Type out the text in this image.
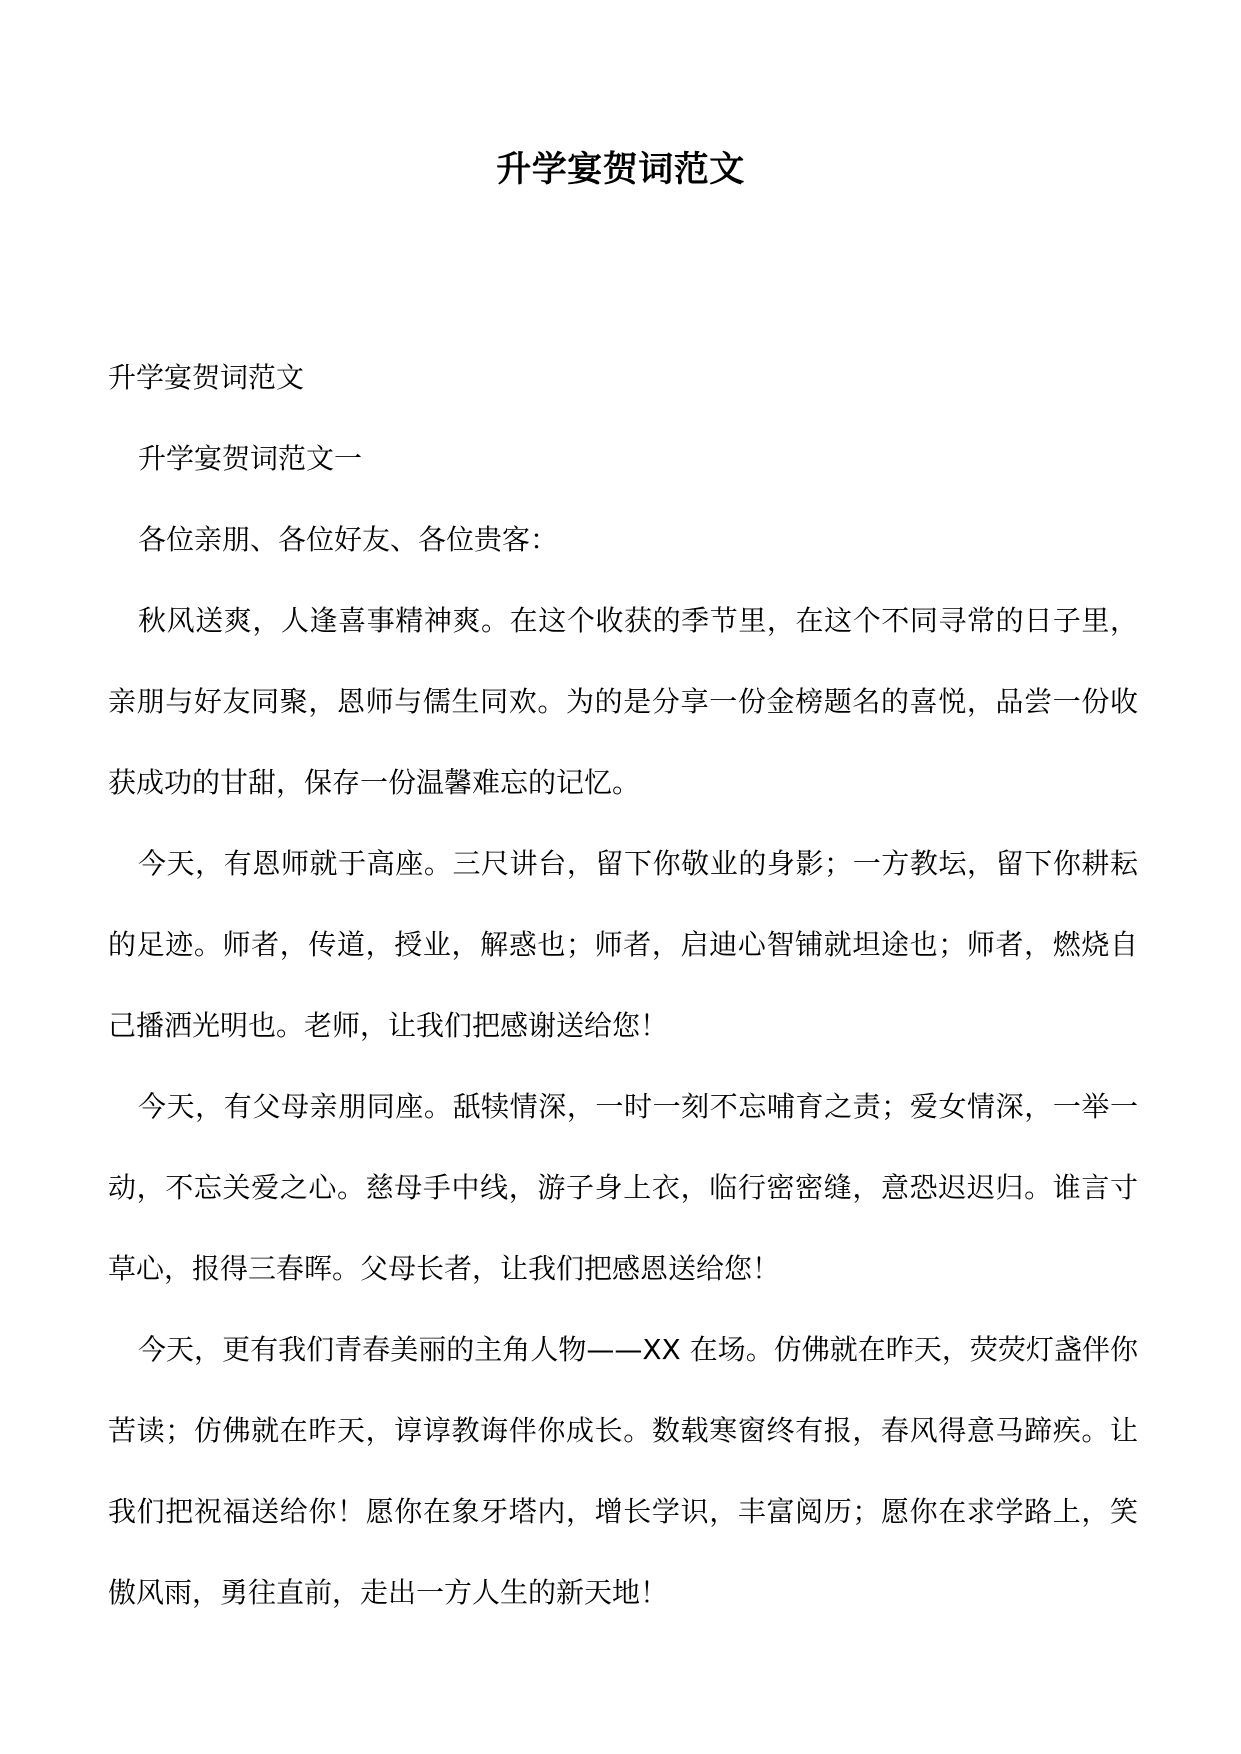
升学宴贺词范文

升学宴贺词范文

升学宴贺词范文一

各位亲朋、各位好友、各位贵客：

秋风送爽，人逢喜事精神爽。在这个收获的季节里，在这个不同寻常的日子里，亲朋与好友同聚，恩师与儒生同欢。为的是分享一份金榜题名的喜悦，品尝一份收获成功的甘甜，保存一份温馨难忘的记忆。

今天，有恩师就于高座。三尺讲台，留下你敬业的身影；一方教坛，留下你耕耘的足迹。师者，传道，授业，解惑也；师者，启迪心智铺就坦途也；师者，燃烧自己播洒光明也。老师，让我们把感谢送给您！

今天，有父母亲朋同座。舐犊情深，一时一刻不忘哺育之责；爱女情深，一举一动，不忘关爱之心。慈母手中线，游子身上衣，临行密密缝，意恐迟迟归。谁言寸草心，报得三春晖。父母长者，让我们把感恩送给您！

今天，更有我们青春美丽的主角人物——XX 在场。仿佛就在昨天，荧荧灯盏伴你苦读；仿佛就在昨天，谆谆教诲伴你成长。数载寒窗终有报，春风得意马蹄疾。让我们把祝福送给你！愿你在象牙塔内，增长学识，丰富阅历；愿你在求学路上，笑傲风雨，勇往直前，走出一方人生的新天地！
